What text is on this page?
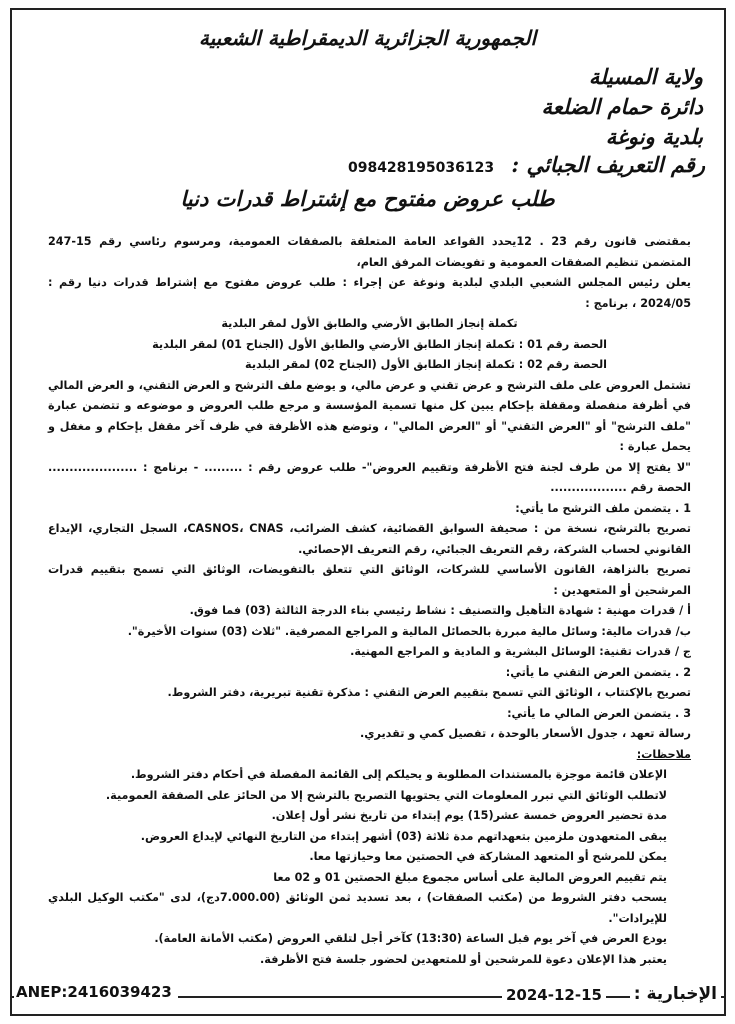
الجمهورية الجزائرية الديمقراطية الشعبية
ولاية المسيلة
دائرة حمام الضلعة
بلدية ونوغة
رقم التعريف الجبائي : 098428195036123
طلب عروض مفتوح مع إشتراط قدرات دنيا

بمقتضى قانون رقم 23 . 12يحدد القواعد العامة المتعلقة بالصفقات العمومية، ومرسوم رئاسي رقم 15-247 المتضمن تنظيم الصفقات العمومية و تفويضات المرفق العام،

يعلن رئيس المجلس الشعبي البلدي لبلدية ونوغة عن إجراء : طلب عروض مفتوح مع إشتراط قدرات دنيا رقم : 2024/05 ، برنامج :

تكملة إنجاز الطابق الأرضي والطابق الأول لمقر البلدية

الحصة رقم 01 : تكملة إنجاز الطابق الأرضي والطابق الأول (الجناح 01) لمقر البلدية

الحصة رقم 02 : تكملة إنجاز الطابق الأول (الجناح 02) لمقر البلدية

تشتمل العروض على ملف الترشح و عرض تقني و عرض مالي، و يوضع ملف الترشح و العرض التقني، و العرض المالي في أظرفة منفصلة ومقفلة بإحكام يبين كل منها تسمية المؤسسة و مرجع طلب العروض و موضوعه و تتضمن عبارة "ملف الترشح" أو "العرض التقني" أو "العرض المالي" ، وتوضع هذه الأظرفة في ظرف آخر مقفل بإحكام و مغفل و يحمل عبارة :

"لا يفتح إلا من طرف لجنة فتح الأظرفة وتقييم العروض"- طلب عروض رقم : ......... - برنامج : ..................... الحصة رقم ..................

1 . يتضمن ملف الترشح ما يأتي:

تصريح بالترشح، نسخة من : صحيفة السوابق القضائية، كشف الضرائب، CASNOS، CNAS، السجل التجاري، الإيداع القانوني لحساب الشركة، رقم التعريف الجبائي، رقم التعريف الإحصائي.

تصريح بالنزاهة، القانون الأساسي للشركات، الوثائق التي تتعلق بالتفويضات، الوثائق التي تسمح بتقييم قدرات المرشحين أو المتعهدين :

أ / قدرات مهنية : شهادة التأهيل والتصنيف : نشاط رئيسي بناء الدرجة الثالثة (03) فما فوق.

ب/ قدرات مالية: وسائل مالية مبررة بالحصائل المالية و المراجع المصرفية. "ثلاث (03) سنوات الأخيرة".

ج / قدرات تقنية: الوسائل البشرية و المادية و المراجع المهنية.

2 . يتضمن العرض التقني ما يأتي:

تصريح بالإكتتاب ، الوثائق التي تسمح بتقييم العرض التقني : مذكرة تقنية تبريرية، دفتر الشروط.

3 . يتضمن العرض المالي ما يأتي:

رسالة تعهد ، جدول الأسعار بالوحدة ، تفصيل كمي و تقديري.

ملاحظات:

الإعلان قائمة موجزة بالمستندات المطلوبة و يحيلكم إلى القائمة المفصلة في أحكام دفتر الشروط.

لاتطلب الوثائق التي تبرر المعلومات التي يحتويها التصريح بالترشح إلا من الحائز على الصفقة العمومية.

مدة تحضير العروض خمسة عشر(15) يوم إبتداء من تاريخ نشر أول إعلان.

يبقى المتعهدون ملزمين بتعهداتهم مدة ثلاثة (03) أشهر إبتداء من التاريخ النهائي لإيداع العروض.

يمكن للمرشح أو المتعهد المشاركة في الحصتين معا وحيازتها معا.

يتم تقييم العروض المالية على أساس مجموع مبلغ الحصتين 01 و 02 معا

يسحب دفتر الشروط من (مكتب الصفقات) ، بعد تسديد ثمن الوثائق (7.000.00دج)، لدى "مكتب الوكيل البلدي للإيرادات".

يودع العرض في آخر يوم قبل الساعة (13:30) كآخر أجل لتلقي العروض (مكتب الأمانة العامة).

يعتبر هذا الإعلان دعوة للمرشحين أو للمتعهدين لحضور جلسة فتح الأظرفة.

ANEP:2416039423	2024-12-15 الإخبارية :
